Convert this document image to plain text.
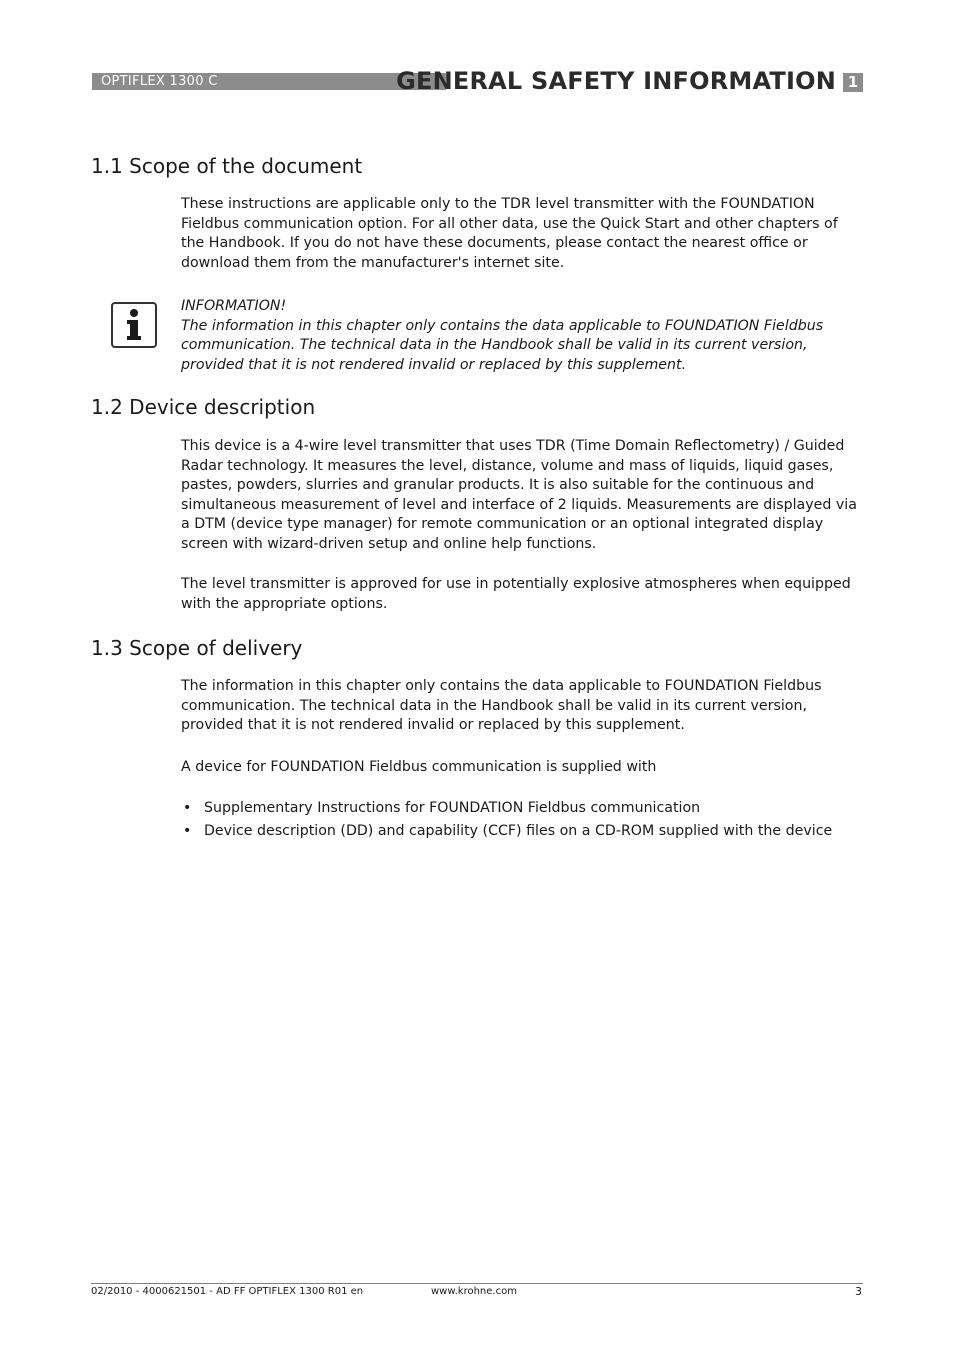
OPTIFLEX 1300 C	GENERAL SAFETY INFORMATION 1
1.1 Scope of the document

These instructions are applicable only to the TDR level transmitter with the FOUNDATION Fieldbus communication option. For all other data, use the Quick Start and other chapters of the Handbook. If you do not have these documents, please contact the nearest office or download them from the manufacturer's internet site.

INFORMATION!
The information in this chapter only contains the data applicable to FOUNDATION Fieldbus communication. The technical data in the Handbook shall be valid in its current version, provided that it is not rendered invalid or replaced by this supplement.
1.2 Device description

This device is a 4-wire level transmitter that uses TDR (Time Domain Reflectometry) / Guided Radar technology. It measures the level, distance, volume and mass of liquids, liquid gases, pastes, powders, slurries and granular products. It is also suitable for the continuous and simultaneous measurement of level and interface of 2 liquids. Measurements are displayed via a DTM (device type manager) for remote communication or an optional integrated display screen with wizard-driven setup and online help functions.

The level transmitter is approved for use in potentially explosive atmospheres when equipped with the appropriate options.

1.3 Scope of delivery

The information in this chapter only contains the data applicable to FOUNDATION Fieldbus communication. The technical data in the Handbook shall be valid in its current version, provided that it is not rendered invalid or replaced by this supplement.

A device for FOUNDATION Fieldbus communication is supplied with

• Supplementary Instructions for FOUNDATION Fieldbus communication
• Device description (DD) and capability (CCF) files on a CD-ROM supplied with the device
02/2010 - 4000621501 - AD FF OPTIFLEX 1300 R01 en	www.krohne.com	3
